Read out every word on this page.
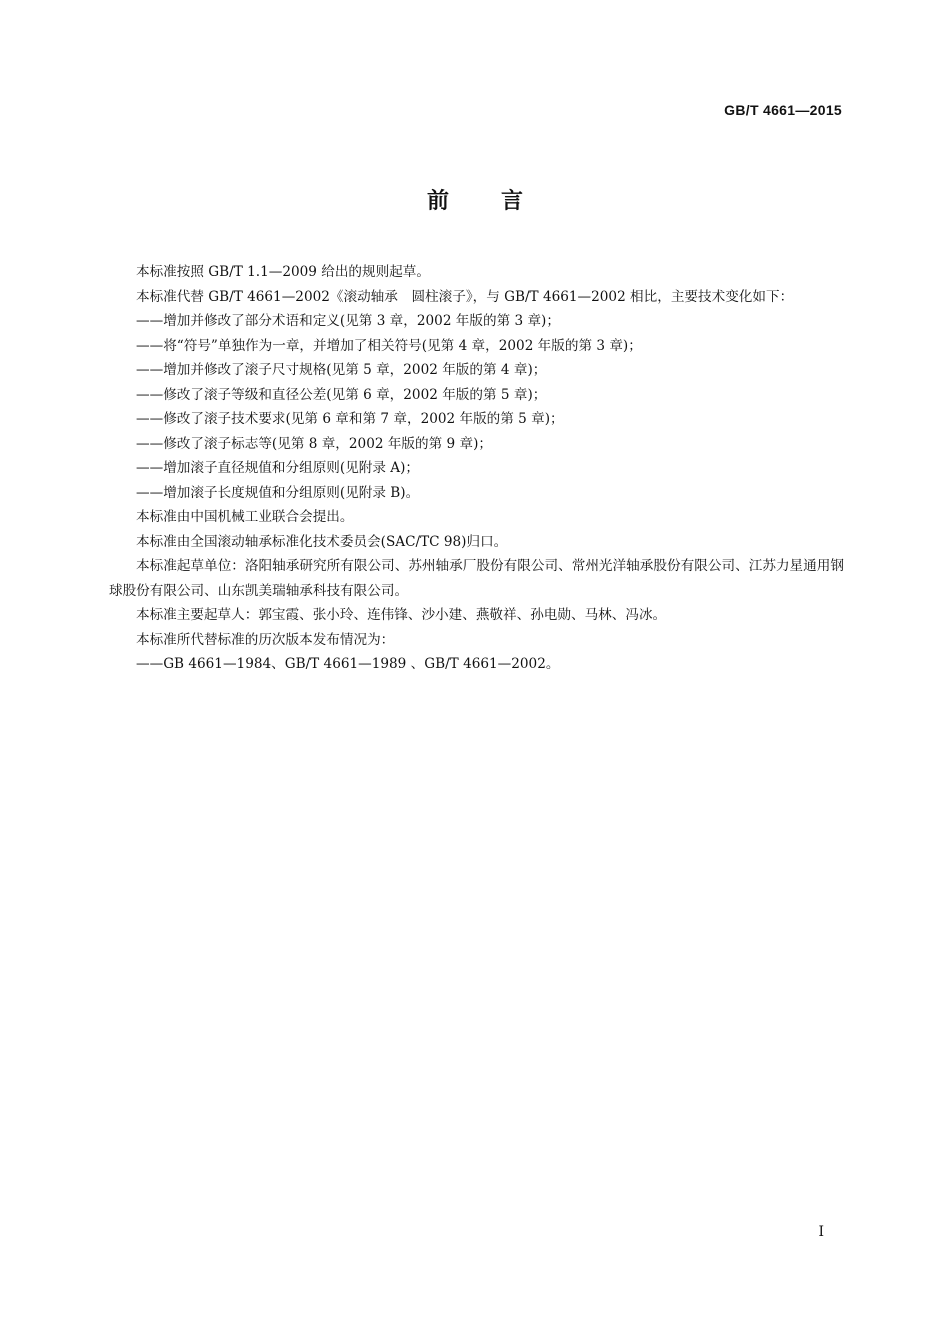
GB/T 4661—2015
前 言

本标准按照 GB/T 1.1—2009 给出的规则起草。

本标准代替 GB/T 4661—2002《滚动轴承　圆柱滚子》，与 GB/T 4661—2002 相比，主要技术变化如下：

——增加并修改了部分术语和定义(见第 3 章，2002 年版的第 3 章)；

——将“符号”单独作为一章，并增加了相关符号(见第 4 章，2002 年版的第 3 章)；

——增加并修改了滚子尺寸规格(见第 5 章，2002 年版的第 4 章)；

——修改了滚子等级和直径公差(见第 6 章，2002 年版的第 5 章)；

——修改了滚子技术要求(见第 6 章和第 7 章，2002 年版的第 5 章)；

——修改了滚子标志等(见第 8 章，2002 年版的第 9 章)；

——增加滚子直径规值和分组原则(见附录 A)；

——增加滚子长度规值和分组原则(见附录 B)。

本标准由中国机械工业联合会提出。

本标准由全国滚动轴承标准化技术委员会(SAC/TC 98)归口。

本标准起草单位：洛阳轴承研究所有限公司、苏州轴承厂股份有限公司、常州光洋轴承股份有限公司、江苏力星通用钢球股份有限公司、山东凯美瑞轴承科技有限公司。

本标准主要起草人：郭宝霞、张小玲、连伟锋、沙小建、燕敬祥、孙电勋、马林、冯冰。

本标准所代替标准的历次版本发布情况为：

——GB 4661—1984、GB/T 4661—1989 、GB/T 4661—2002。

I
